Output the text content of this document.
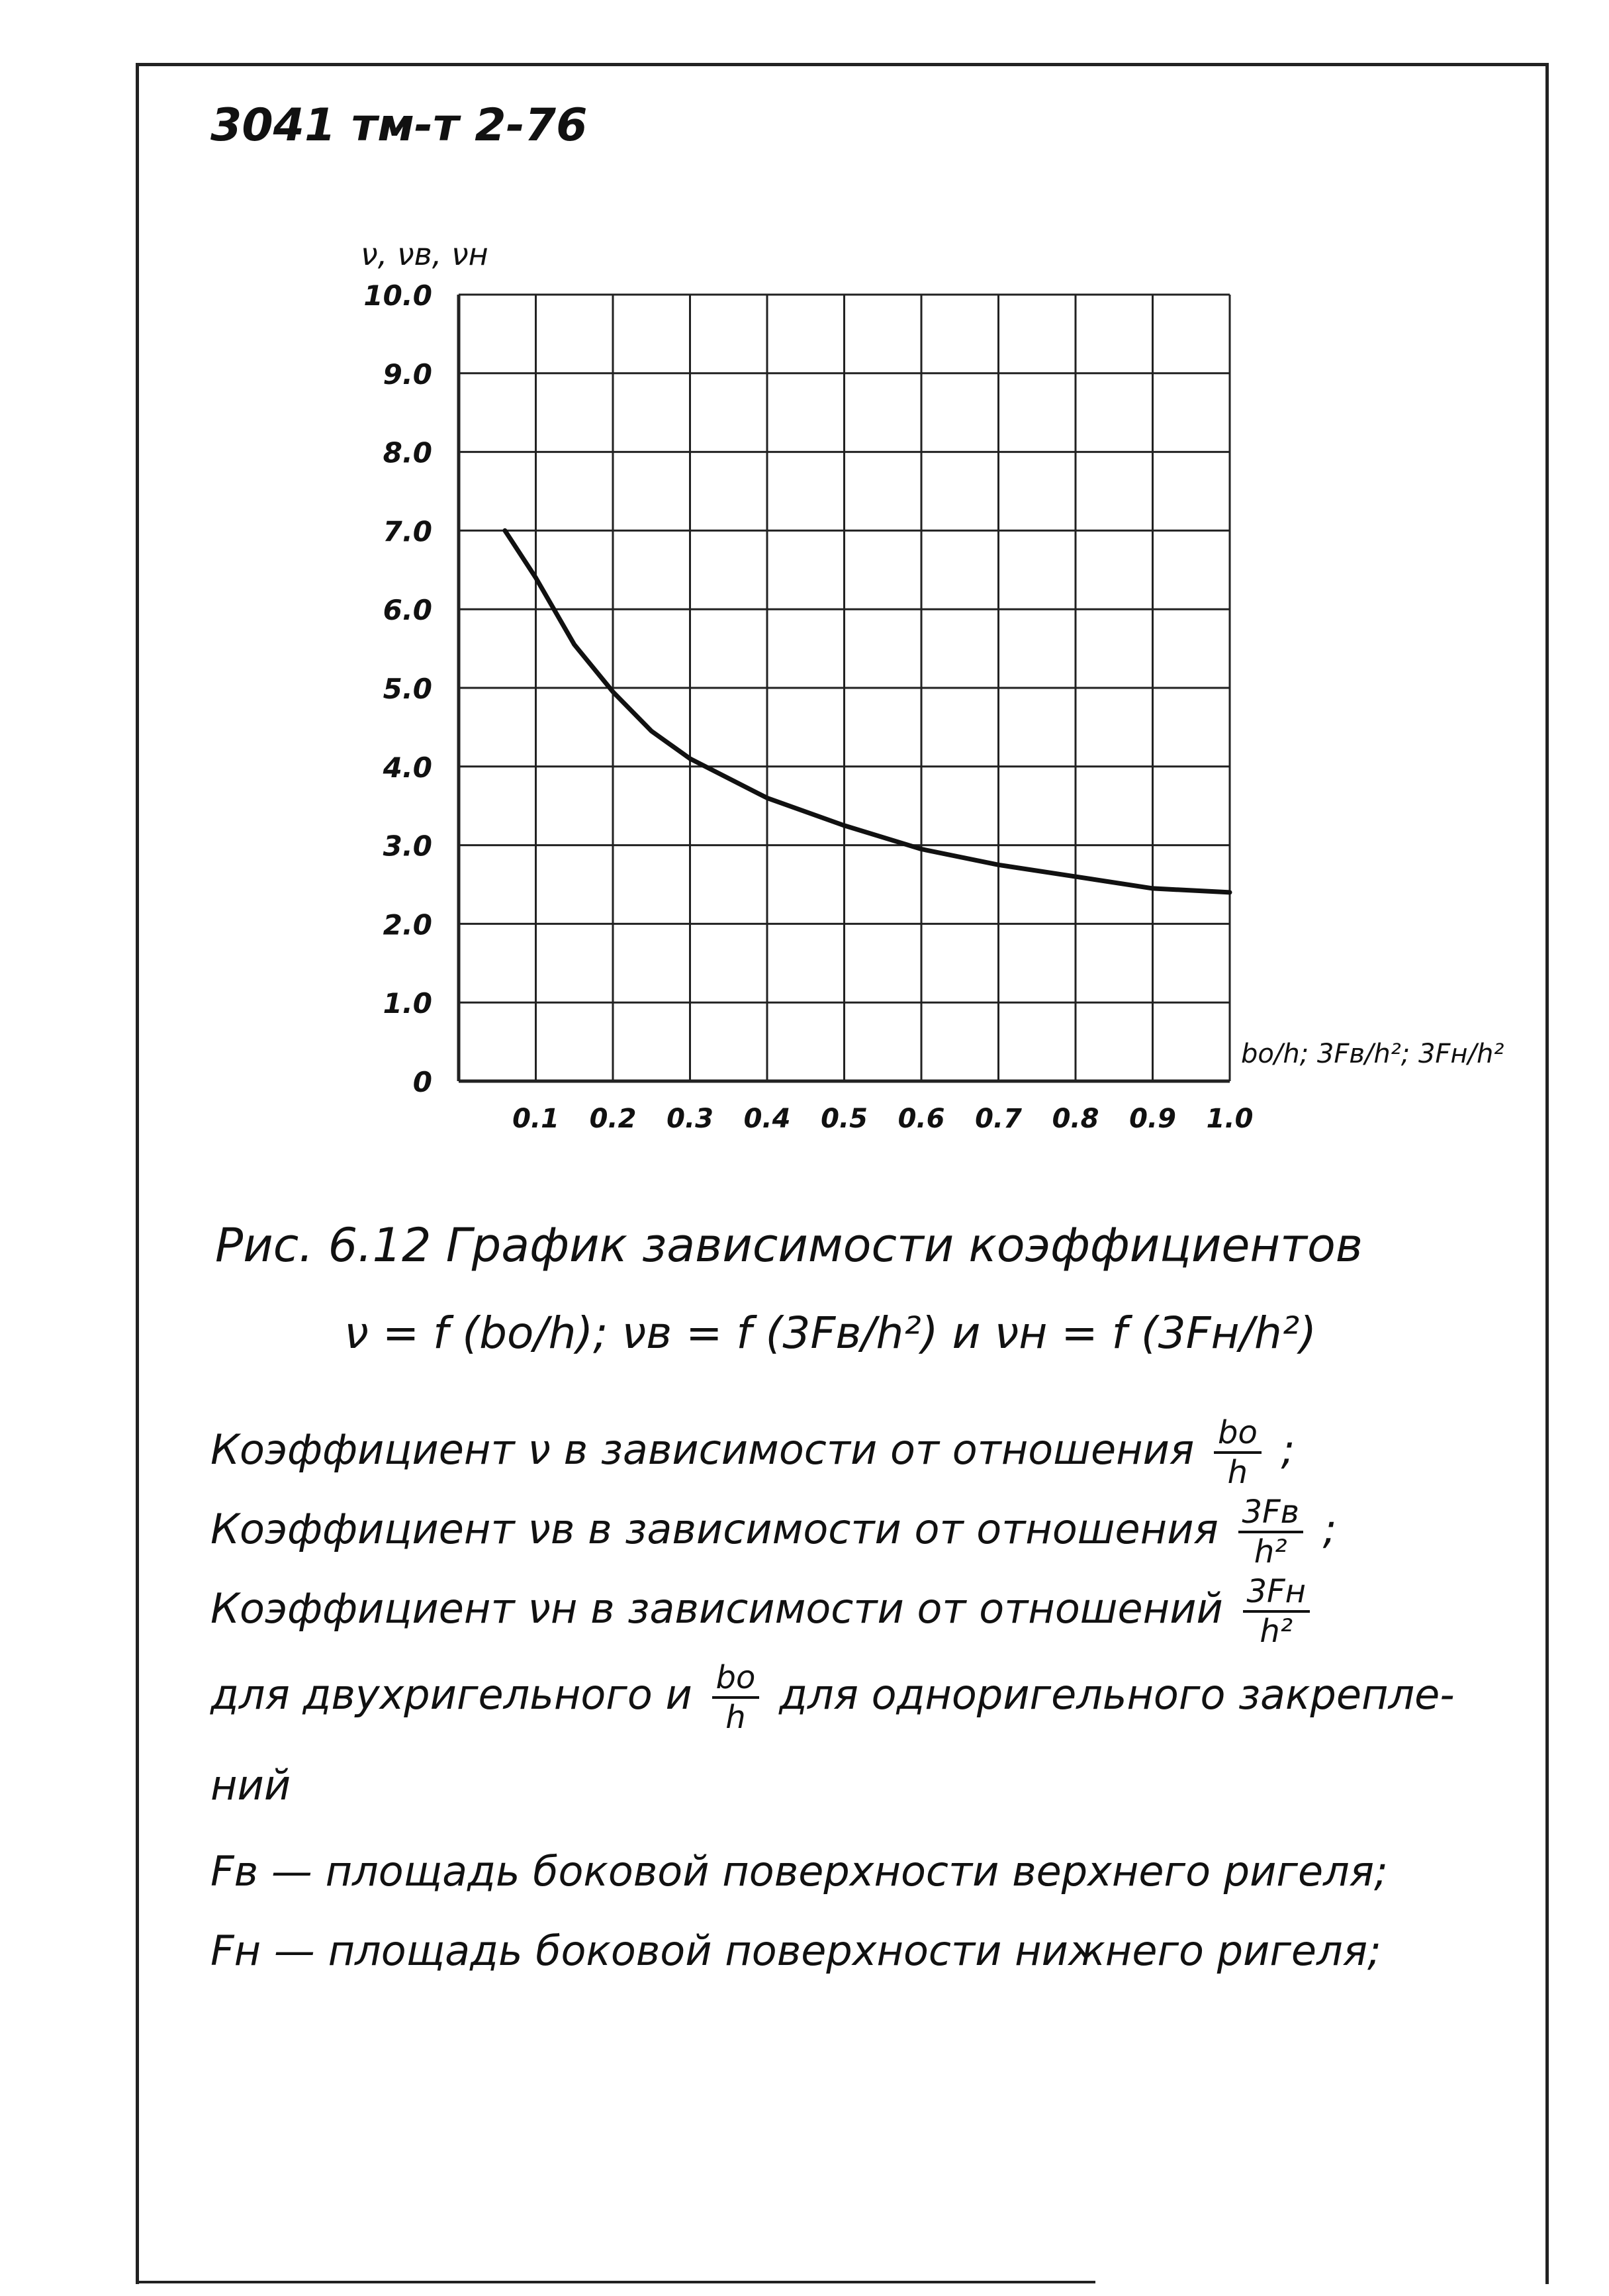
3041 тм-т 2-76
0
1.0
2.0
3.0
4.0
5.0
6.0
7.0
8.0
9.0
10.0
0.1 0.2 0.3 0.4 0.5 0.6 0.7 0.8 0.9 1.0
ν, νв, νн
bо/h; 3Fв/h²; 3Fн/h²
Рис. 6.12 График зависимости коэффициентов
ν = f (bо/h); νв = f (3Fв/h²) и νн = f (3Fн/h²)
Коэффициент ν в зависимости от отношения $\frac{bо}{h}$ ;
Коэффициент νв в зависимости от отношения $\frac{3Fв}{\text{h²}}$ ;
Коэффициент νн в зависимости от отношений $\frac{3Fн}{\text{h²}}$
для двухригельного и $\frac{bо}{h}$ для одноригельного закрепле-
ний
Fв — площадь боковой поверхности верхнего ригеля;
Fн — площадь боковой поверхности нижнего ригеля;
